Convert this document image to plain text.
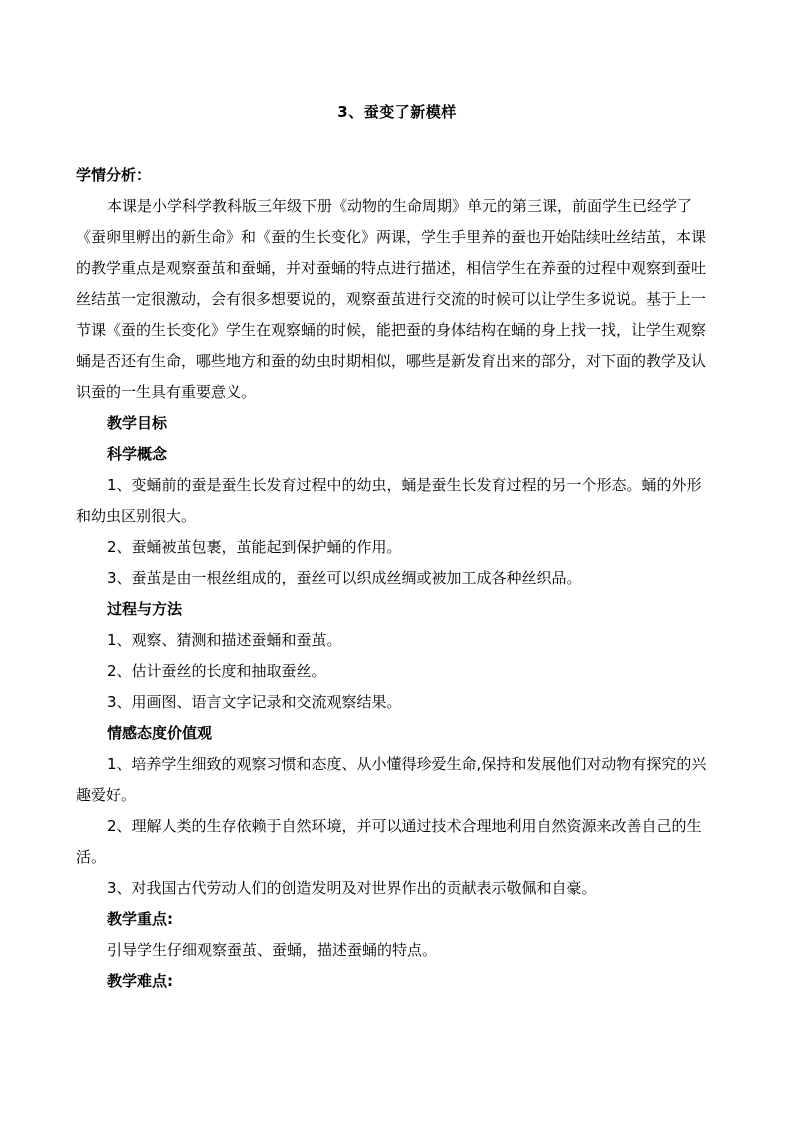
3、蚕变了新模样

学情分析：

本课是小学科学教科版三年级下册《动物的生命周期》单元的第三课，前面学生已经学了《蚕卵里孵出的新生命》和《蚕的生长变化》两课，学生手里养的蚕也开始陆续吐丝结茧，本课的教学重点是观察蚕茧和蚕蛹，并对蚕蛹的特点进行描述，相信学生在养蚕的过程中观察到蚕吐丝结茧一定很激动，会有很多想要说的，观察蚕茧进行交流的时候可以让学生多说说。基于上一节课《蚕的生长变化》学生在观察蛹的时候，能把蚕的身体结构在蛹的身上找一找，让学生观察蛹是否还有生命，哪些地方和蚕的幼虫时期相似，哪些是新发育出来的部分，对下面的教学及认识蚕的一生具有重要意义。

教学目标

科学概念

1、变蛹前的蚕是蚕生长发育过程中的幼虫，蛹是蚕生长发育过程的另一个形态。蛹的外形和幼虫区别很大。

2、蚕蛹被茧包裹，茧能起到保护蛹的作用。

3、蚕茧是由一根丝组成的，蚕丝可以织成丝绸或被加工成各种丝织品。

过程与方法

1、观察、猜测和描述蚕蛹和蚕茧。

2、估计蚕丝的长度和抽取蚕丝。

3、用画图、语言文字记录和交流观察结果。

情感态度价值观

1、培养学生细致的观察习惯和态度、从小懂得珍爱生命,保持和发展他们对动物有探究的兴趣爱好。

2、理解人类的生存依赖于自然环境，并可以通过技术合理地利用自然资源来改善自己的生活。

3、对我国古代劳动人们的创造发明及对世界作出的贡献表示敬佩和自豪。

教学重点:

引导学生仔细观察蚕茧、蚕蛹，描述蚕蛹的特点。

教学难点:
